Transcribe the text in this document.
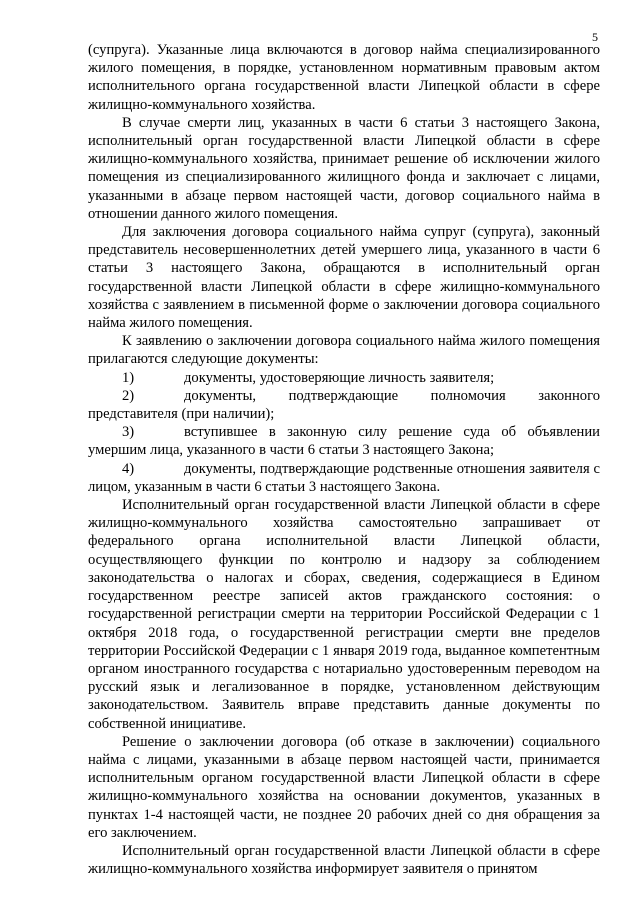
5

(супруга). Указанные лица включаются в договор найма специализированного жилого помещения, в порядке, установленном нормативным правовым актом исполнительного органа государственной власти Липецкой области в сфере жилищно-коммунального хозяйства.

В случае смерти лиц, указанных в части 6 статьи 3 настоящего Закона, исполнительный орган государственной власти Липецкой области в сфере жилищно-коммунального хозяйства, принимает решение об исключении жилого помещения из специализированного жилищного фонда и заключает с лицами, указанными в абзаце первом настоящей части, договор социального найма в отношении данного жилого помещения.

Для заключения договора социального найма супруг (супруга), законный представитель несовершеннолетних детей умершего лица, указанного в части 6 статьи 3 настоящего Закона, обращаются в исполнительный орган государственной власти Липецкой области в сфере жилищно-коммунального хозяйства с заявлением в письменной форме о заключении договора социального найма жилого помещения.

К заявлению о заключении договора социального найма жилого помещения прилагаются следующие документы:

1)	документы, удостоверяющие личность заявителя;
2)	документы, подтверждающие полномочия законного представителя (при наличии);
3)	вступившее в законную силу решение суда об объявлении умершим лица, указанного в части 6 статьи 3 настоящего Закона;
4)	документы, подтверждающие родственные отношения заявителя с лицом, указанным в части 6 статьи 3 настоящего Закона.

Исполнительный орган государственной власти Липецкой области в сфере жилищно-коммунального хозяйства самостоятельно запрашивает от федерального органа исполнительной власти Липецкой области, осуществляющего функции по контролю и надзору за соблюдением законодательства о налогах и сборах, сведения, содержащиеся в Едином государственном реестре записей актов гражданского состояния: о государственной регистрации смерти на территории Российской Федерации с 1 октября 2018 года, о государственной регистрации смерти вне пределов территории Российской Федерации с 1 января 2019 года, выданное компетентным органом иностранного государства с нотариально удостоверенным переводом на русский язык и легализованное в порядке, установленном действующим законодательством. Заявитель вправе представить данные документы по собственной инициативе.

Решение о заключении договора (об отказе в заключении) социального найма с лицами, указанными в абзаце первом настоящей части, принимается исполнительным органом государственной власти Липецкой области в сфере жилищно-коммунального хозяйства на основании документов, указанных в пунктах 1-4 настоящей части, не позднее 20 рабочих дней со дня обращения за его заключением.

Исполнительный орган государственной власти Липецкой области в сфере жилищно-коммунального хозяйства информирует заявителя о принятом
